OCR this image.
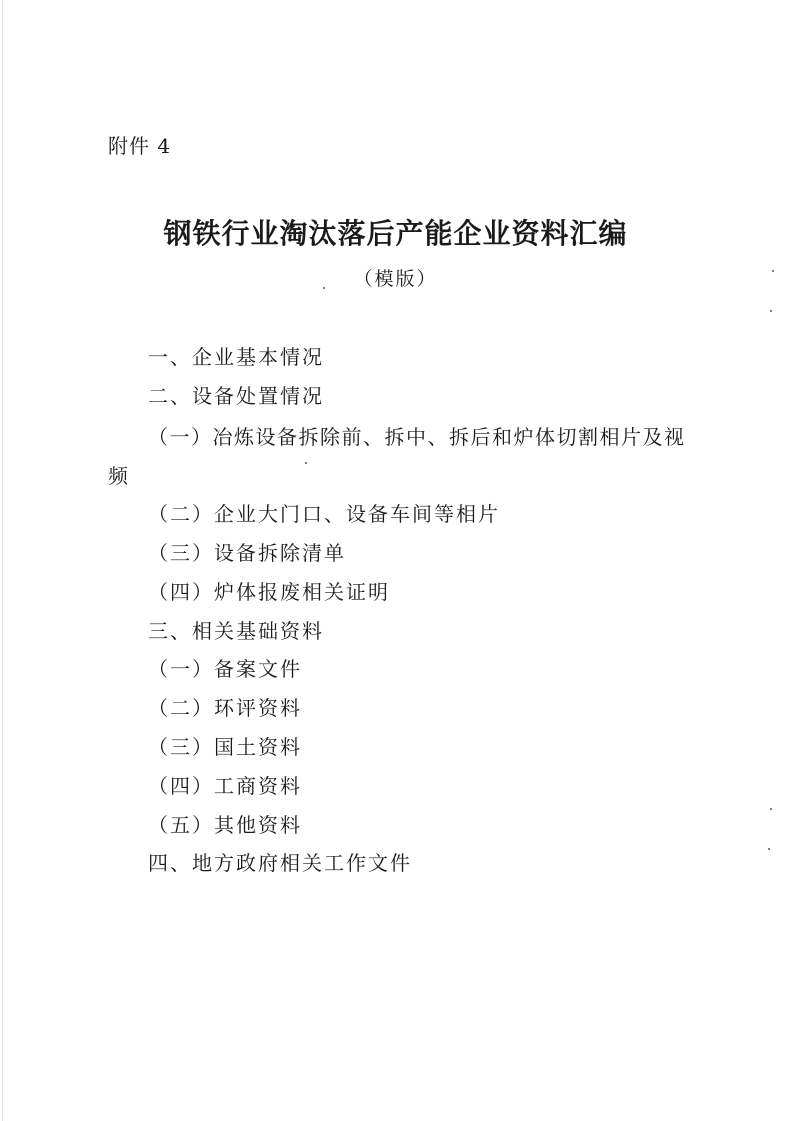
附件 4
钢铁行业淘汰落后产能企业资料汇编
（模版）
一、企业基本情况
二、设备处置情况
（一）冶炼设备拆除前、拆中、拆后和炉体切割相片及视
频
（二）企业大门口、设备车间等相片
（三）设备拆除清单
（四）炉体报废相关证明
三、相关基础资料
（一）备案文件
（二）环评资料
（三）国土资料
（四）工商资料
（五）其他资料
四、地方政府相关工作文件
